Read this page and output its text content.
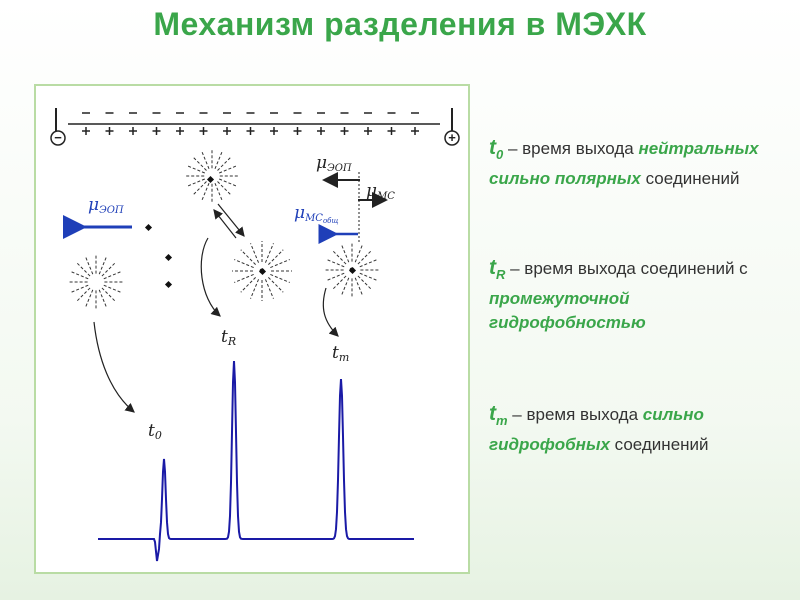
Механизм разделения в МЭХК
−	+
μЭОП
μЭОП
μМС
μМСобщ
t0
tR
tm
$t_0$ – время выхода нейтральных сильно полярных соединений
$t_R$ – время выхода соединений с промежуточной гидрофобностью
$t_m$ – время выхода сильно гидрофобных соединений
